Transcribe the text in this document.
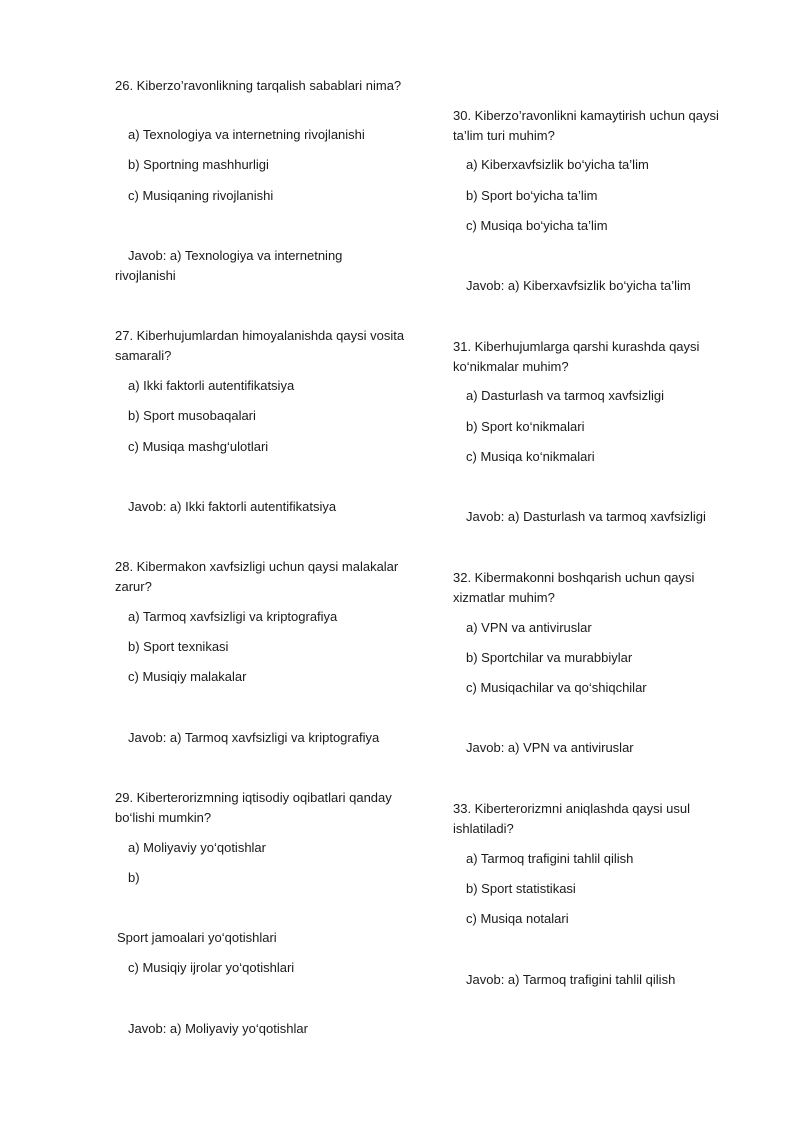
26. Kiberzo’ravonlikning tarqalish sabablari nima?

a) Texnologiya va internetning rivojlanishi

b) Sportning mashhurligi

c) Musiqaning rivojlanishi

Javob: a) Texnologiya va internetning

rivojlanishi

27. Kiberhujumlardan himoyalanishda qaysi vosita samarali?

a) Ikki faktorli autentifikatsiya

b) Sport musobaqalari

c) Musiqa mashg‘ulotlari

Javob: a) Ikki faktorli autentifikatsiya

28. Kibermakon xavfsizligi uchun qaysi malakalar zarur?

a) Tarmoq xavfsizligi va kriptografiya

b) Sport texnikasi

c) Musiqiy malakalar

Javob: a) Tarmoq xavfsizligi va kriptografiya

29. Kiberterorizmning iqtisodiy oqibatlari qanday bo‘lishi mumkin?

a) Moliyaviy yo‘qotishlar

b)

Sport jamoalari yo‘qotishlari

c) Musiqiy ijrolar yo‘qotishlari

Javob: a) Moliyaviy yo‘qotishlar

30. Kiberzo’ravonlikni kamaytirish uchun qaysi ta’lim turi muhim?

a) Kiberxavfsizlik bo‘yicha ta’lim

b) Sport bo‘yicha ta’lim

c) Musiqa bo‘yicha ta’lim

Javob: a) Kiberxavfsizlik bo‘yicha ta’lim

31. Kiberhujumlarga qarshi kurashda qaysi ko‘nikmalar muhim?

a) Dasturlash va tarmoq xavfsizligi

b) Sport ko‘nikmalari

c) Musiqa ko‘nikmalari

Javob: a) Dasturlash va tarmoq xavfsizligi

32. Kibermakonni boshqarish uchun qaysi xizmatlar muhim?

a) VPN va antiviruslar

b) Sportchilar va murabbiylar

c) Musiqachilar va qo‘shiqchilar

Javob: a) VPN va antiviruslar

33. Kiberterorizmni aniqlashda qaysi usul ishlatiladi?

a) Tarmoq trafigini tahlil qilish

b) Sport statistikasi

c) Musiqa notalari

Javob: a) Tarmoq trafigini tahlil qilish
